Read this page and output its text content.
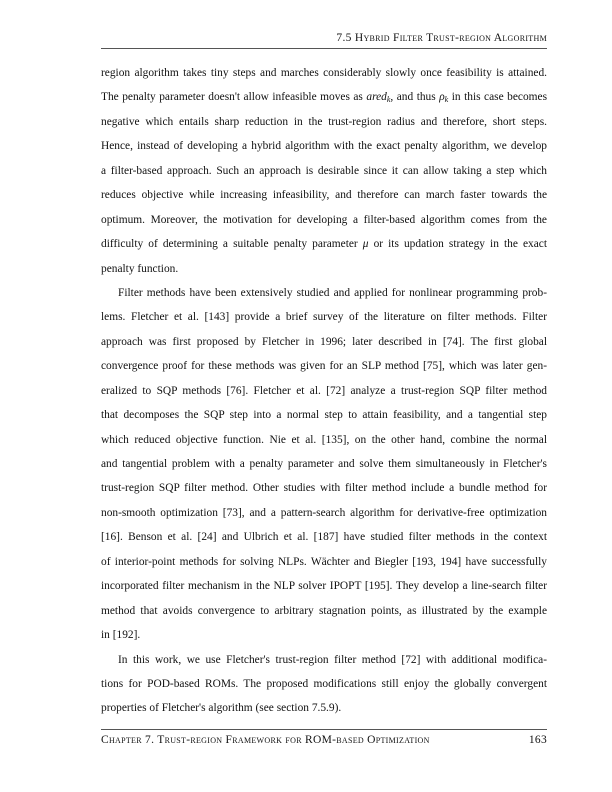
7.5 Hybrid Filter Trust-region Algorithm
region algorithm takes tiny steps and marches considerably slowly once feasibility is attained.
The penalty parameter doesn't allow infeasible moves as ared$_k$, and thus $\rho_k$ in this case becomes
negative which entails sharp reduction in the trust-region radius and therefore, short steps.
Hence, instead of developing a hybrid algorithm with the exact penalty algorithm, we develop
a filter-based approach. Such an approach is desirable since it can allow taking a step which
reduces objective while increasing infeasibility, and therefore can march faster towards the
optimum. Moreover, the motivation for developing a filter-based algorithm comes from the
difficulty of determining a suitable penalty parameter μ or its updation strategy in the exact
penalty function.
Filter methods have been extensively studied and applied for nonlinear programming prob-
lems. Fletcher et al. [143] provide a brief survey of the literature on filter methods. Filter
approach was first proposed by Fletcher in 1996; later described in [74]. The first global
convergence proof for these methods was given for an SLP method [75], which was later gen-
eralized to SQP methods [76]. Fletcher et al. [72] analyze a trust-region SQP filter method
that decomposes the SQP step into a normal step to attain feasibility, and a tangential step
which reduced objective function. Nie et al. [135], on the other hand, combine the normal
and tangential problem with a penalty parameter and solve them simultaneously in Fletcher's
trust-region SQP filter method. Other studies with filter method include a bundle method for
non-smooth optimization [73], and a pattern-search algorithm for derivative-free optimization
[16]. Benson et al. [24] and Ulbrich et al. [187] have studied filter methods in the context
of interior-point methods for solving NLPs. Wächter and Biegler [193, 194] have successfully
incorporated filter mechanism in the NLP solver IPOPT [195]. They develop a line-search filter
method that avoids convergence to arbitrary stagnation points, as illustrated by the example
in [192].
In this work, we use Fletcher's trust-region filter method [72] with additional modifica-
tions for POD-based ROMs. The proposed modifications still enjoy the globally convergent
properties of Fletcher's algorithm (see section 7.5.9).
Chapter 7. Trust-region Framework for ROM-based Optimization	163
